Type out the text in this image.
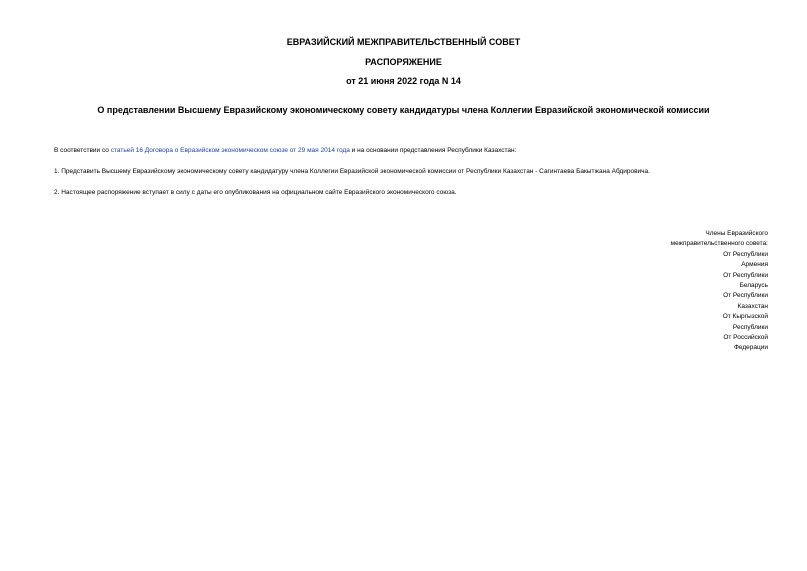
ЕВРАЗИЙСКИЙ МЕЖПРАВИТЕЛЬСТВЕННЫЙ СОВЕТ
РАСПОРЯЖЕНИЕ
от 21 июня 2022 года N 14
О представлении Высшему Евразийскому экономическому совету кандидатуры члена Коллегии Евразийской экономической комиссии
В соответствии со статьей 16 Договора о Евразийском экономическом союзе от 29 мая 2014 года и на основании представления Республики Казахстан:
1. Представить Высшему Евразийскому экономическому совету кандидатуру члена Коллегии Евразийской экономической комиссии от Республики Казахстан - Сагинтаева Бакытжана Абдировича.
2. Настоящее распоряжение вступает в силу с даты его опубликования на официальном сайте Евразийского экономического союза.
Члены Евразийского
межправительственного совета:
От Республики
Армения
От Республики
Беларусь
От Республики
Казахстан
От Кыргызской
Республики
От Российской
Федерации
